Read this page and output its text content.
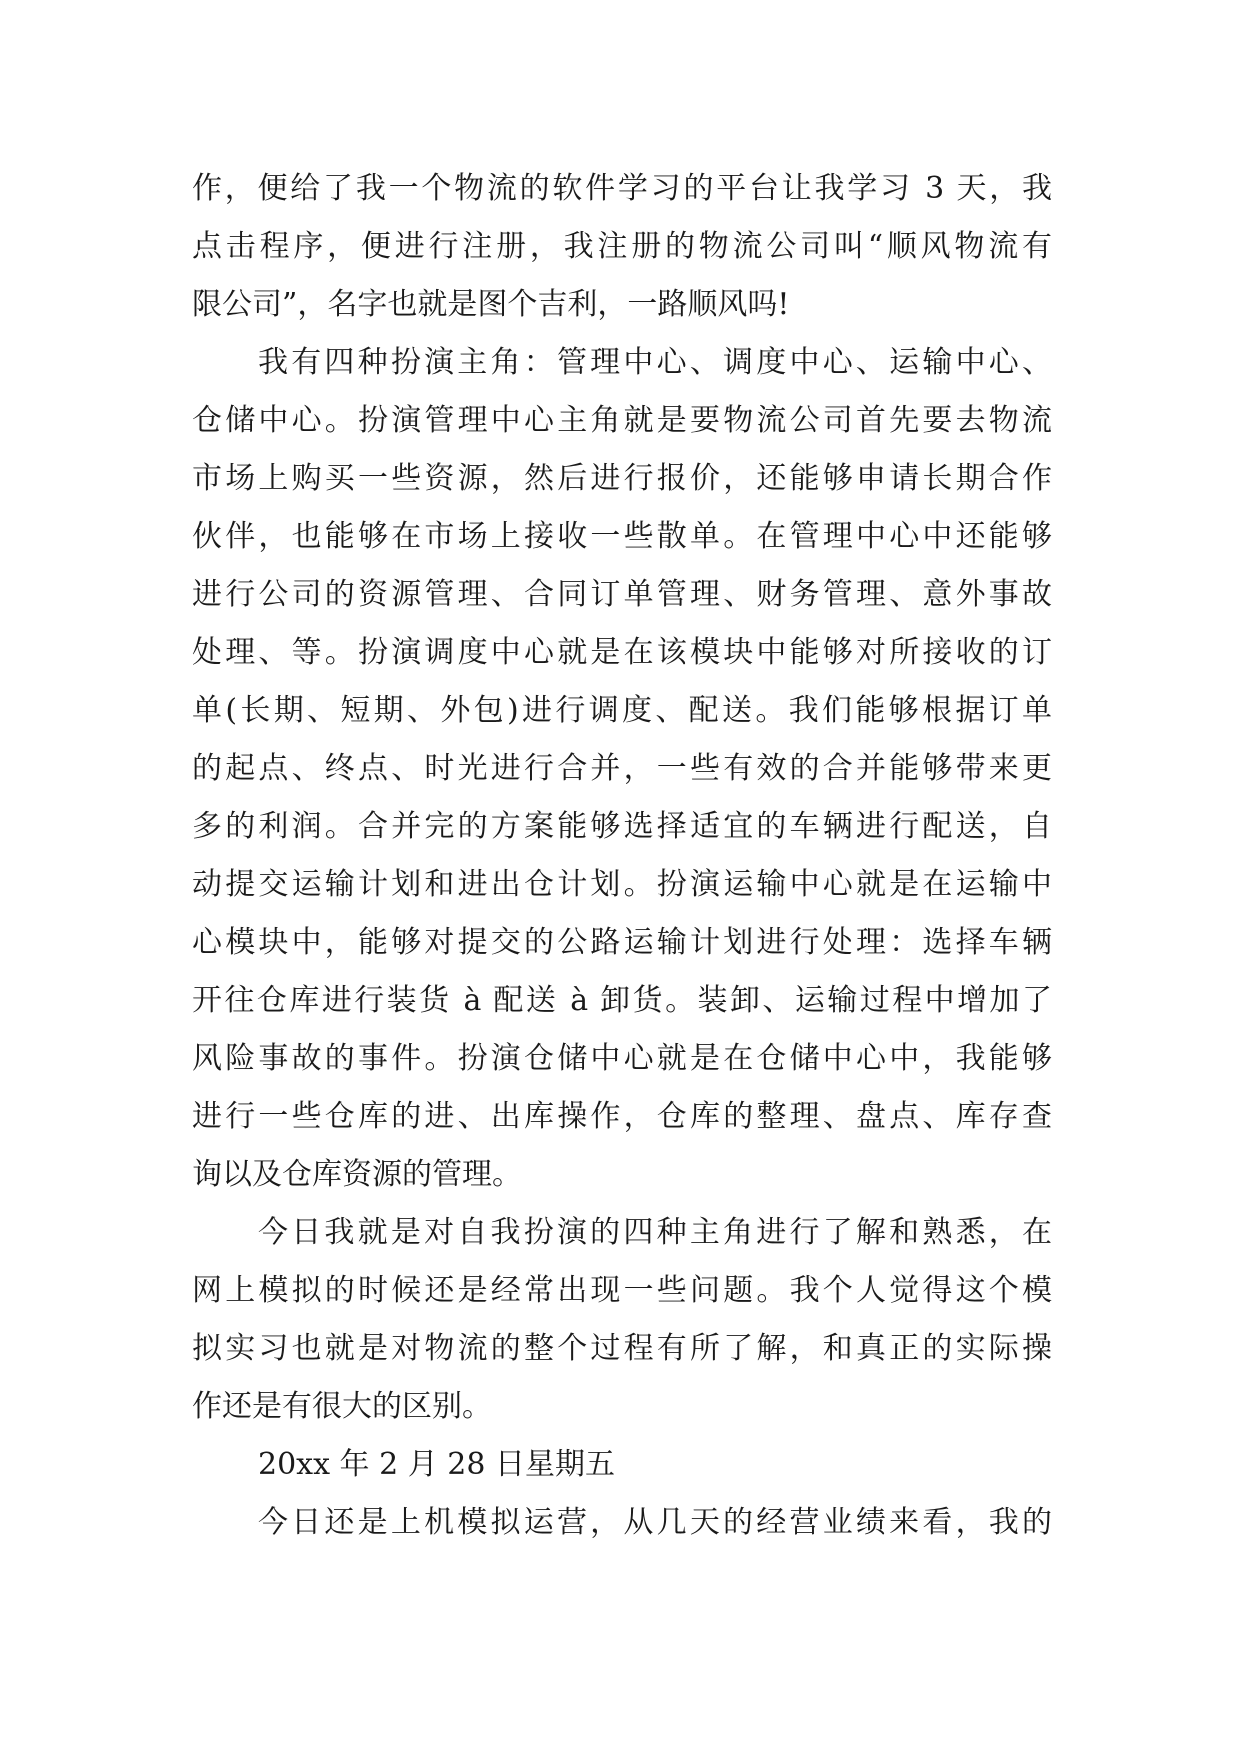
作，便给了我一个物流的软件学习的平台让我学习 3 天，我
点击程序，便进行注册，我注册的物流公司叫“顺风物流有
限公司”，名字也就是图个吉利，一路顺风吗!
我有四种扮演主角：管理中心、调度中心、运输中心、
仓储中心。扮演管理中心主角就是要物流公司首先要去物流
市场上购买一些资源，然后进行报价，还能够申请长期合作
伙伴，也能够在市场上接收一些散单。在管理中心中还能够
进行公司的资源管理、合同订单管理、财务管理、意外事故
处理、等。扮演调度中心就是在该模块中能够对所接收的订
单(长期、短期、外包)进行调度、配送。我们能够根据订单
的起点、终点、时光进行合并，一些有效的合并能够带来更
多的利润。合并完的方案能够选择适宜的车辆进行配送，自
动提交运输计划和进出仓计划。扮演运输中心就是在运输中
心模块中，能够对提交的公路运输计划进行处理：选择车辆
开往仓库进行装货 à 配送 à 卸货。装卸、运输过程中增加了
风险事故的事件。扮演仓储中心就是在仓储中心中，我能够
进行一些仓库的进、出库操作，仓库的整理、盘点、库存查
询以及仓库资源的管理。
今日我就是对自我扮演的四种主角进行了解和熟悉，在
网上模拟的时候还是经常出现一些问题。我个人觉得这个模
拟实习也就是对物流的整个过程有所了解，和真正的实际操
作还是有很大的区别。
20xx 年 2 月 28 日星期五
今日还是上机模拟运营，从几天的经营业绩来看，我的
